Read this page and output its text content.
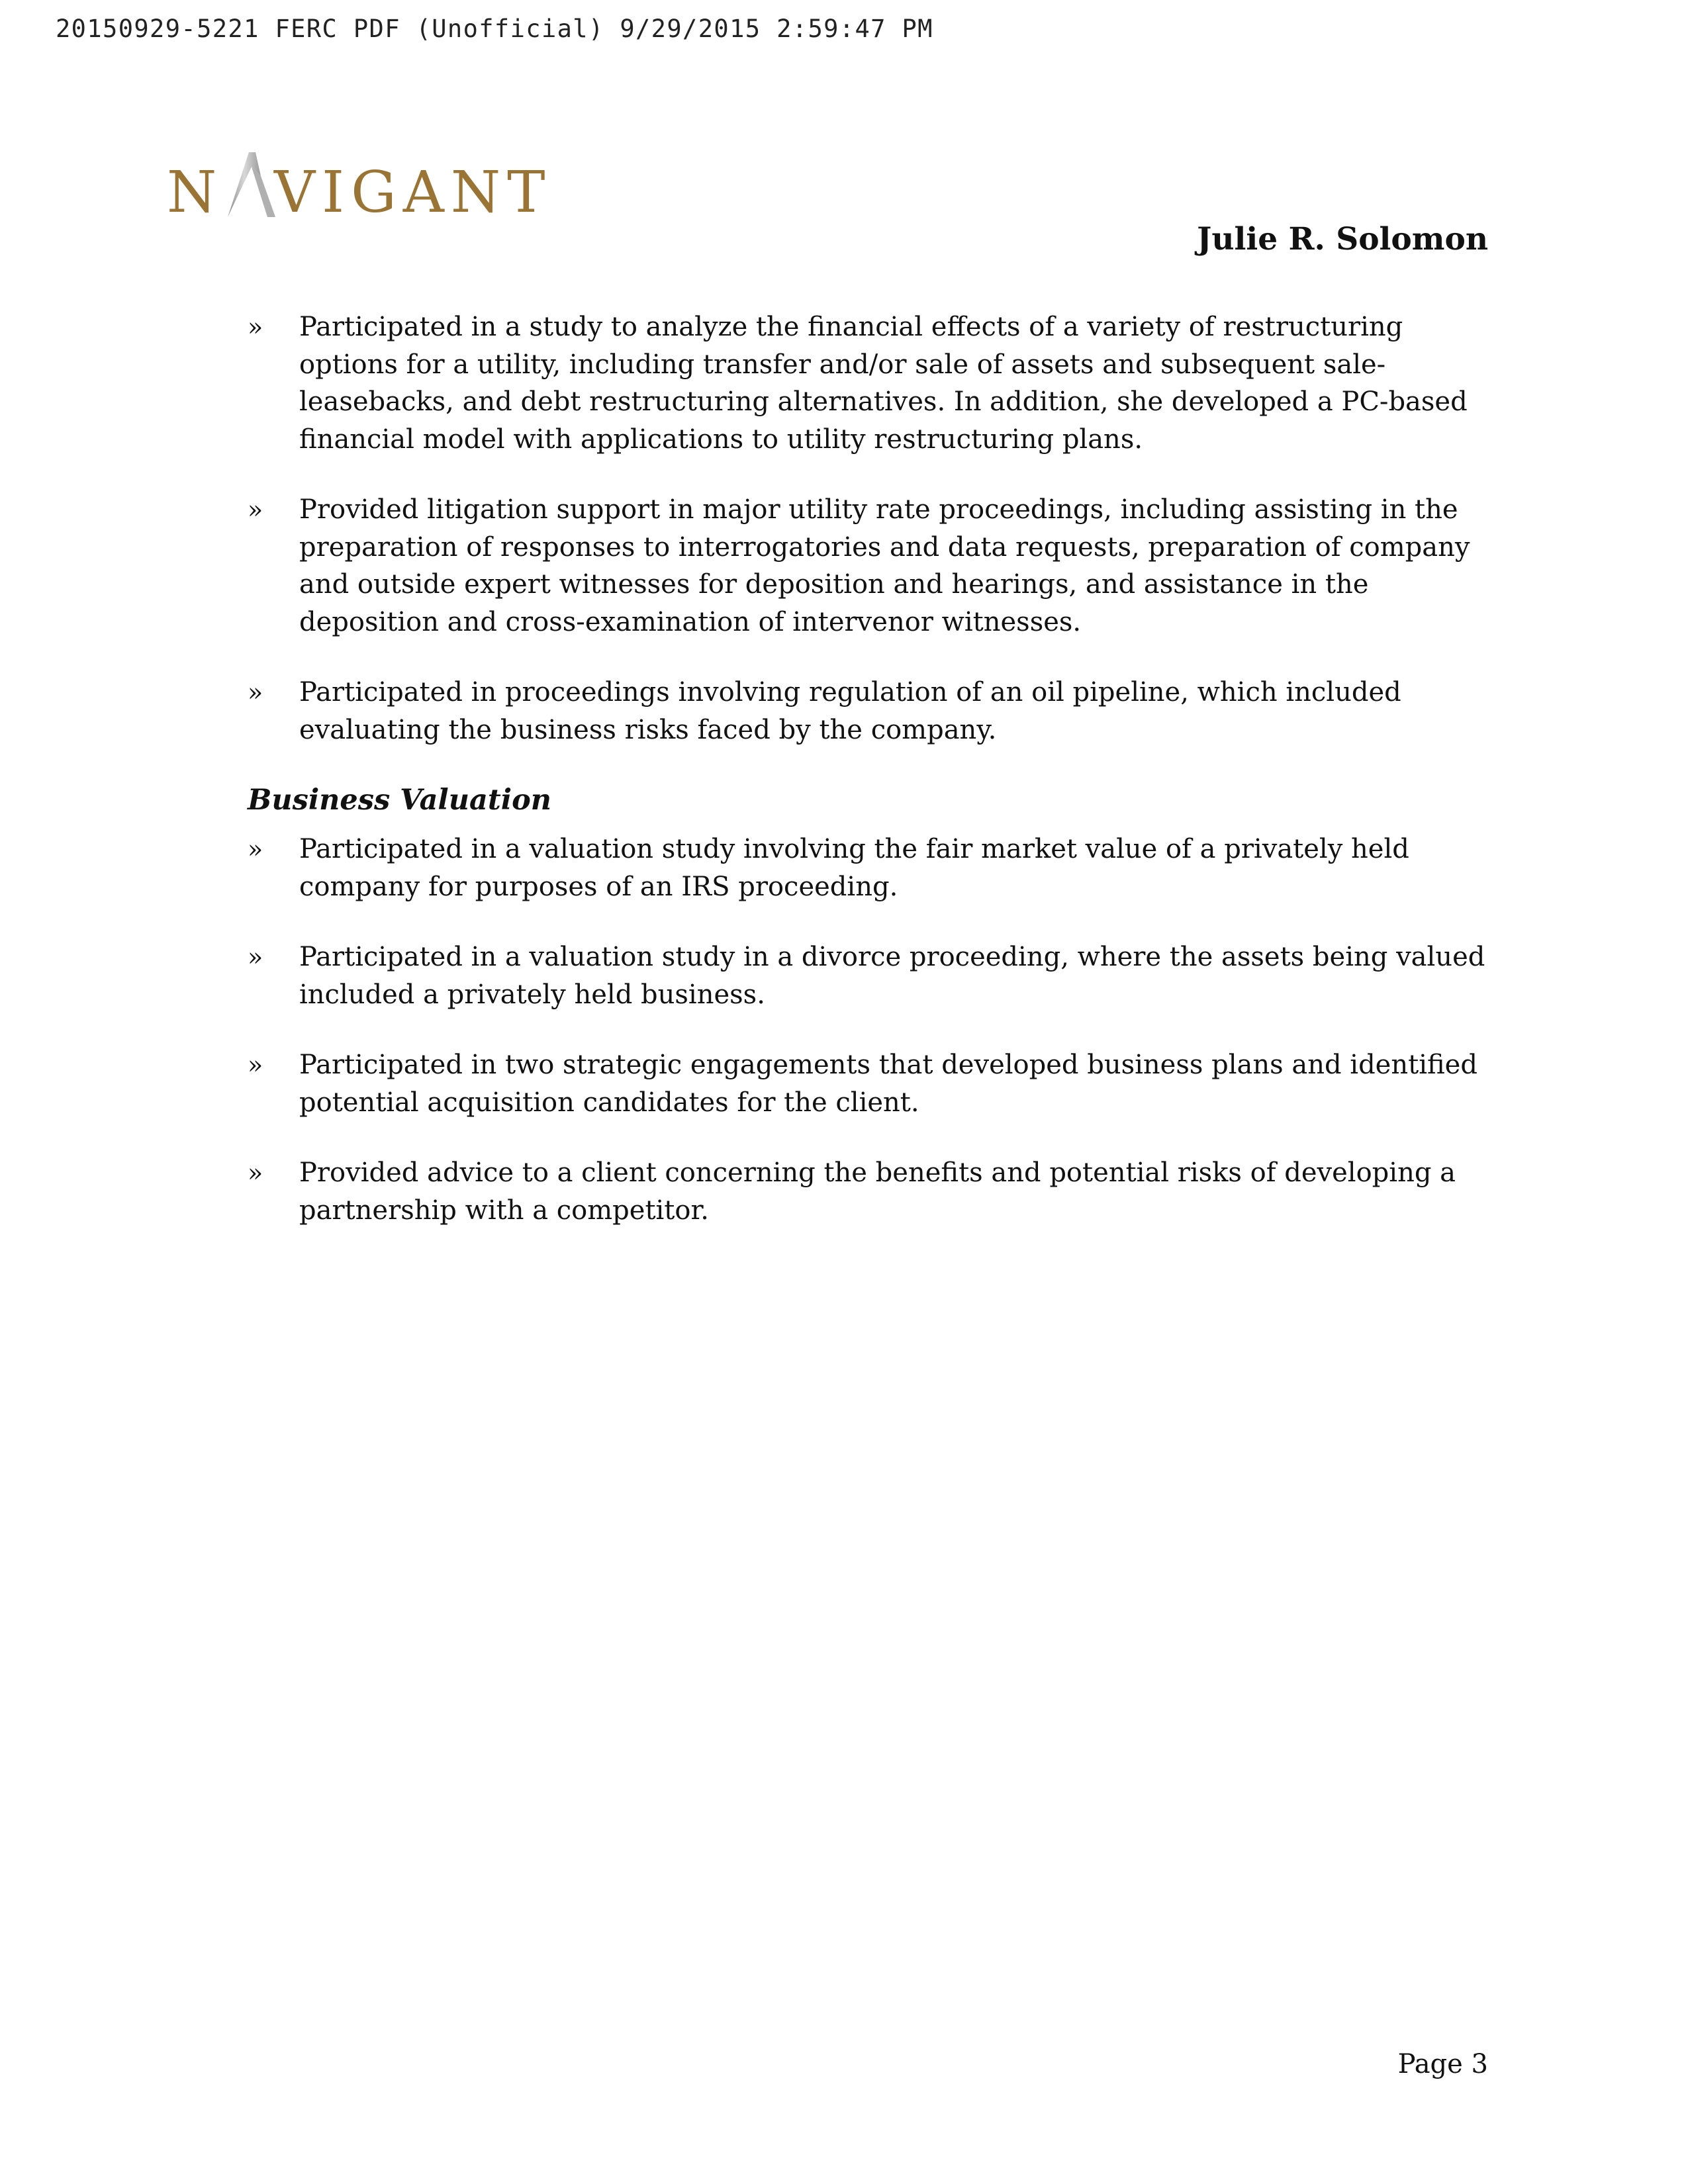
20150929-5221 FERC PDF (Unofficial) 9/29/2015 2:59:47 PM
N VIGANT
Julie R. Solomon
» Participated in a study to analyze the financial effects of a variety of restructuring options for a utility, including transfer and/or sale of assets and subsequent sale-leasebacks, and debt restructuring alternatives. In addition, she developed a PC-based financial model with applications to utility restructuring plans.
» Provided litigation support in major utility rate proceedings, including assisting in the preparation of responses to interrogatories and data requests, preparation of company and outside expert witnesses for deposition and hearings, and assistance in the deposition and cross-examination of intervenor witnesses.
» Participated in proceedings involving regulation of an oil pipeline, which included evaluating the business risks faced by the company.
Business Valuation
» Participated in a valuation study involving the fair market value of a privately held company for purposes of an IRS proceeding.
» Participated in a valuation study in a divorce proceeding, where the assets being valued included a privately held business.
» Participated in two strategic engagements that developed business plans and identified potential acquisition candidates for the client.
» Provided advice to a client concerning the benefits and potential risks of developing a partnership with a competitor.
Page 3
